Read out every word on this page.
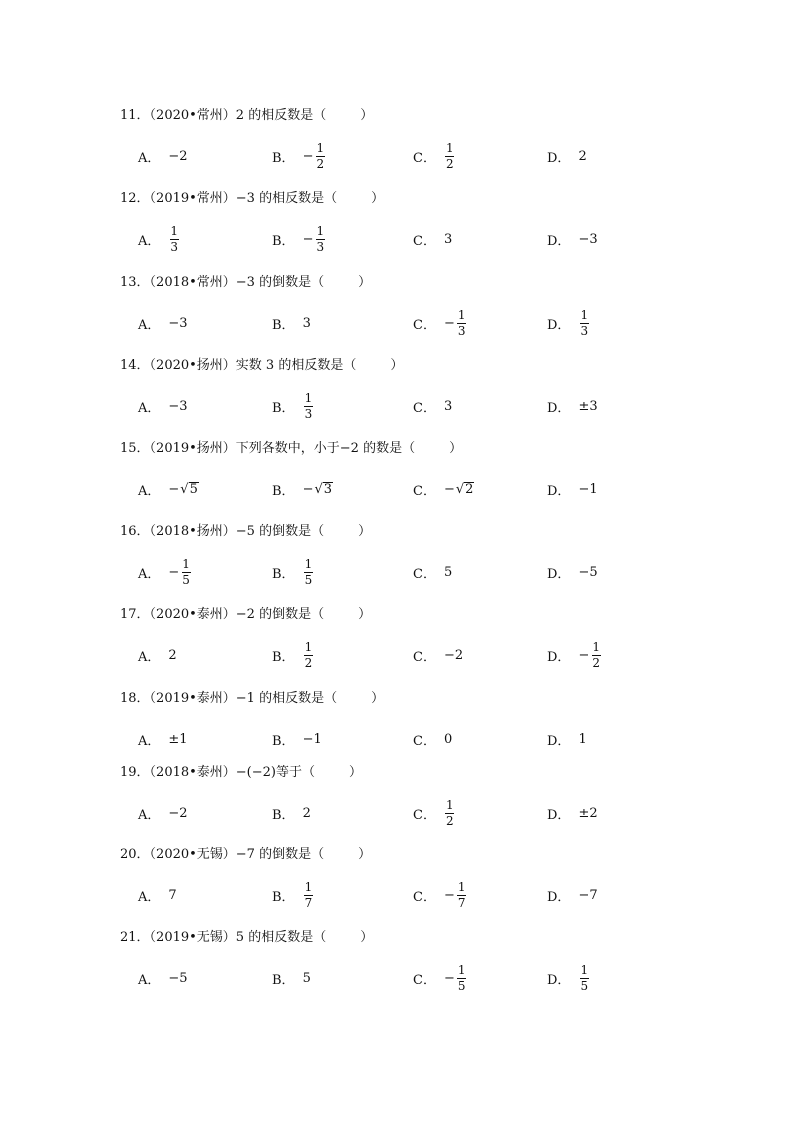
11．（2020•常州）2 的相反数是（	）
A． −2	B． − $\frac{1}{2}$	C． $\frac{1}{2}$	D． 2
12．（2019•常州）−3 的相反数是（	）
A． $\frac{1}{3}$	B． − $\frac{1}{3}$	C． 3	D． −3
13．（2018•常州）−3 的倒数是（	）
A． −3	B． 3	C． − $\frac{1}{3}$	D． $\frac{1}{3}$
14．（2020•扬州）实数 3 的相反数是（	）
A． −3	B． $\frac{1}{3}$	C． 3	D． ±3
15．（2019•扬州）下列各数中，小于−2 的数是（	）
A． − √ 5	B． − √ 3	C． − √ 2	D． −1
16．（2018•扬州）−5 的倒数是（	）
A． − $\frac{1}{5}$	B． $\frac{1}{5}$	C． 5	D． −5
17．（2020•泰州）−2 的倒数是（	）
A． 2	B． $\frac{1}{2}$	C． −2	D． − $\frac{1}{2}$
18．（2019•泰州）−1 的相反数是（	）
A． ±1	B． −1	C． 0	D． 1
19．（2018•泰州）−(−2)等于（	）
A． −2	B． 2	C． $\frac{1}{2}$	D． ±2
20．（2020•无锡）−7 的倒数是（	）
A． 7	B． $\frac{1}{7}$	C． − $\frac{1}{7}$	D． −7
21．（2019•无锡）5 的相反数是（	）
A． −5	B． 5	C． − $\frac{1}{5}$	D． $\frac{1}{5}$
